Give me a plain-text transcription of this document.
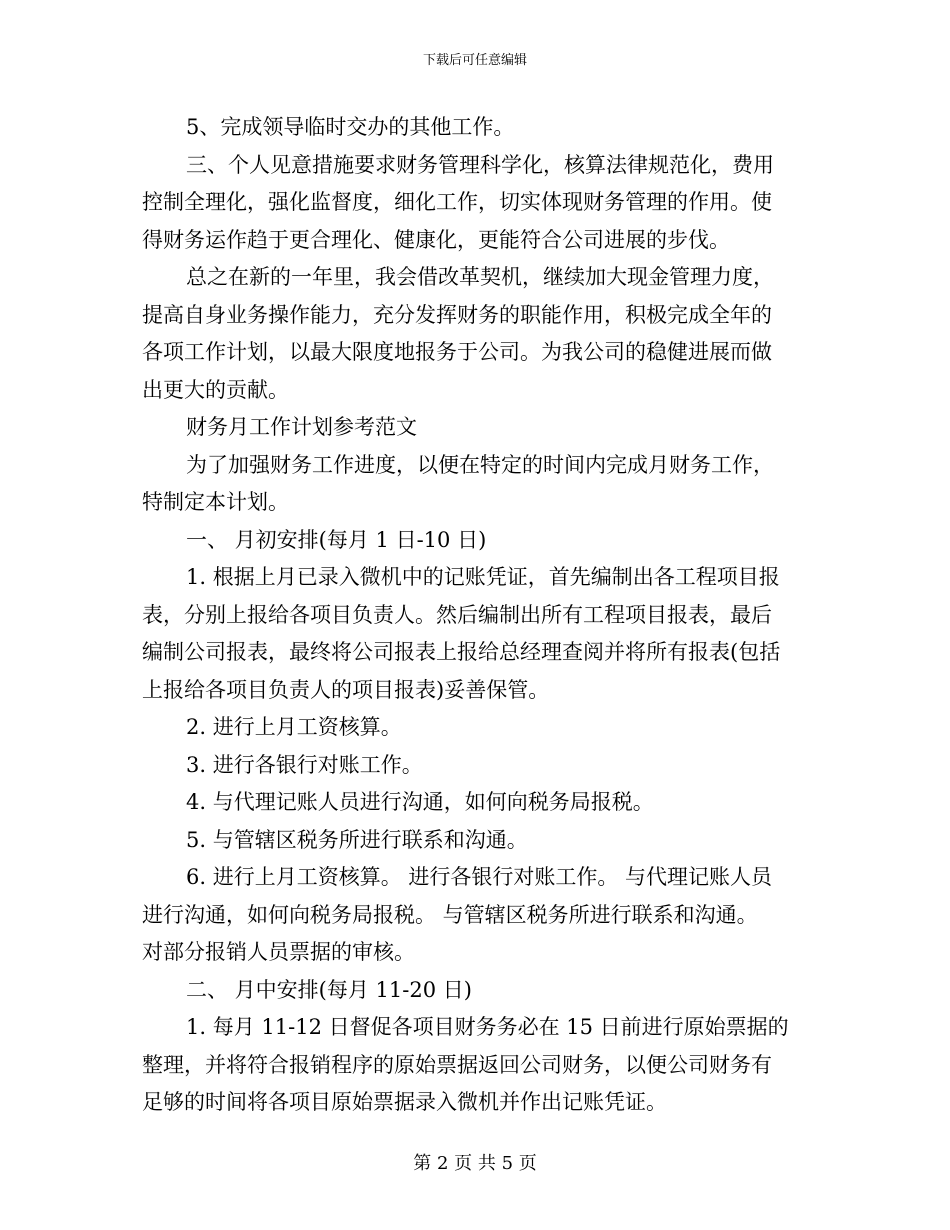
下载后可任意编辑

5、完成领导临时交办的其他工作。

三、个人见意措施要求财务管理科学化，核算法律规范化，费用

控制全理化，强化监督度，细化工作，切实体现财务管理的作用。使

得财务运作趋于更合理化、健康化，更能符合公司进展的步伐。

总之在新的一年里，我会借改革契机，继续加大现金管理力度，

提高自身业务操作能力，充分发挥财务的职能作用，积极完成全年的

各项工作计划，以最大限度地报务于公司。为我公司的稳健进展而做

出更大的贡献。

财务月工作计划参考范文

为了加强财务工作进度，以便在特定的时间内完成月财务工作，

特制定本计划。

一、 月初安排(每月 1 日-10 日)

1. 根据上月已录入微机中的记账凭证，首先编制出各工程项目报

表，分别上报给各项目负责人。然后编制出所有工程项目报表，最后

编制公司报表，最终将公司报表上报给总经理查阅并将所有报表(包括

上报给各项目负责人的项目报表)妥善保管。

2. 进行上月工资核算。

3. 进行各银行对账工作。

4. 与代理记账人员进行沟通，如何向税务局报税。

5. 与管辖区税务所进行联系和沟通。

6. 进行上月工资核算。 进行各银行对账工作。 与代理记账人员

进行沟通，如何向税务局报税。 与管辖区税务所进行联系和沟通。

对部分报销人员票据的审核。

二、 月中安排(每月 11-20 日)

1. 每月 11-12 日督促各项目财务务必在 15 日前进行原始票据的

整理，并将符合报销程序的原始票据返回公司财务，以便公司财务有

足够的时间将各项目原始票据录入微机并作出记账凭证。

第 2 页 共 5 页
